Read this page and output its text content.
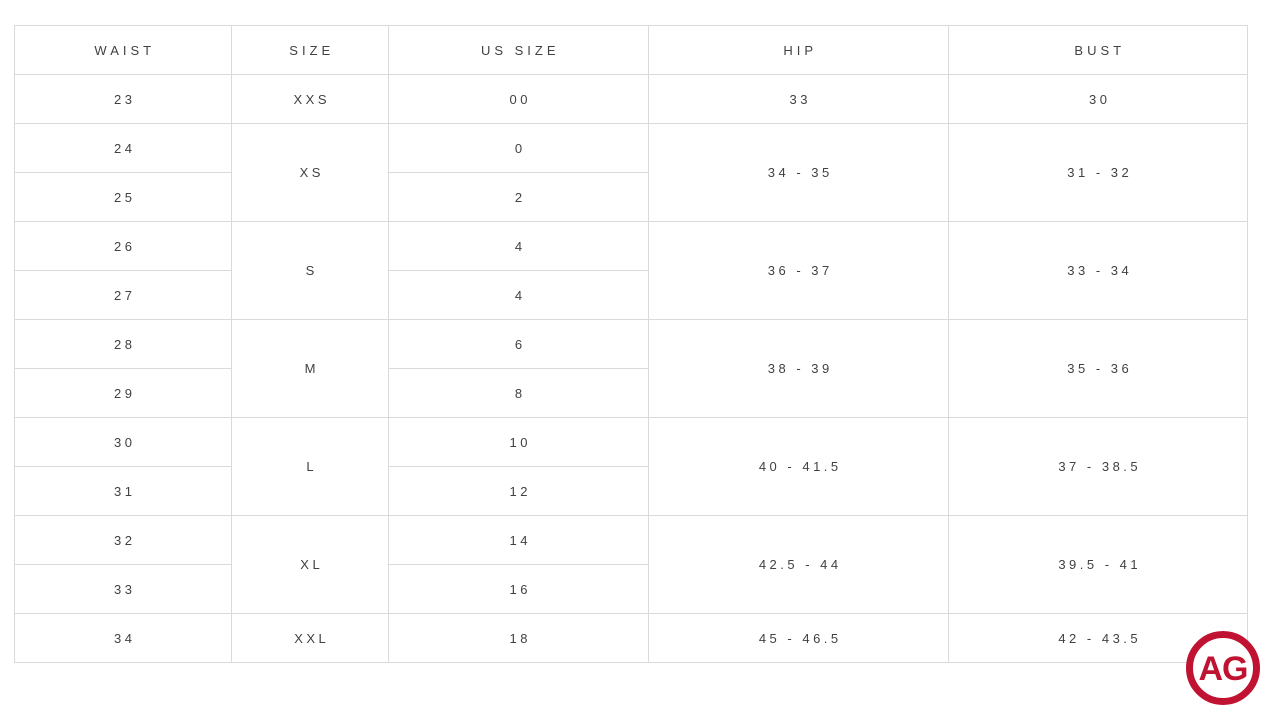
WAIST	SIZE	US SIZE	HIP	BUST
23	XXS	00	33	30
24	XS	0	34 - 35	31 - 32
25		2		
26	S	4	36 - 37	33 - 34
27		4		
28	M	6	38 - 39	35 - 36
29		8		
30	L	10	40 - 41.5	37 - 38.5
31		12		
32	XL	14	42.5 - 44	39.5 - 41
33		16		
34	XXL	18	45 - 46.5	42 - 43.5
AG
